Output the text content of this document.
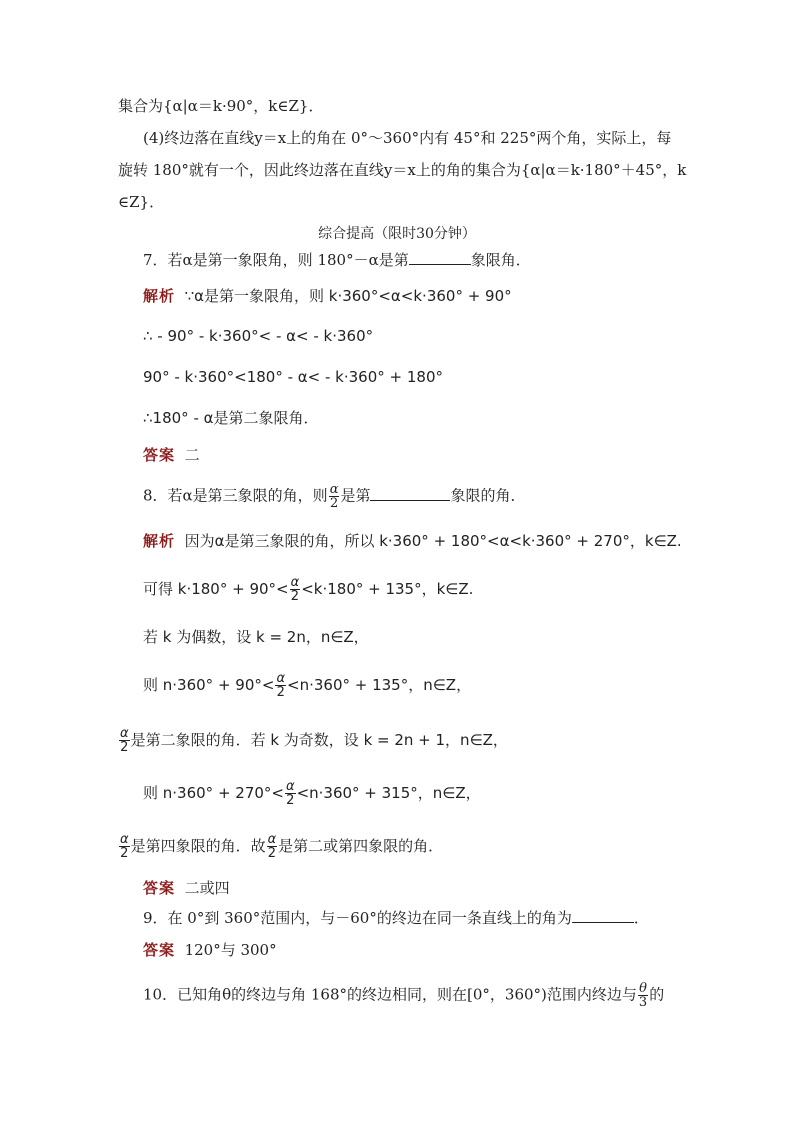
集合为{α|α＝k·90°，k∈Z}．
(4)终边落在直线y＝x上的角在 0°～360°内有 45°和 225°两个角，实际上，每
旋转 180°就有一个，因此终边落在直线y＝x上的角的集合为{α|α＝k·180°＋45°，k
∈Z}．
综合提高（限时30分钟）
7．若α是第一象限角，则 180°－α是第	象限角．
解析 ∵α是第一象限角，则 k·360°<α<k·360° + 90°
∴ - 90° - k·360°< - α< - k·360°
90° - k·360°<180° - α< - k·360° + 180°
∴180° - α是第二象限角．
答案 二
8．若α是第三象限的角，则 $\frac{\alpha}{2}$ 是第	象限的角．
解析 因为α是第三象限的角，所以 k·360° + 180°<α<k·360° + 270°，k∈Z.
可得 $k\cdot 180^\circ + 90^\circ< \frac{\alpha}{2} <k\cdot 180^\circ + 135^\circ$，k∈Z.
若 k 为偶数，设 k = 2n，n∈Z，
则 $n\cdot 360^\circ + 90^\circ< \frac{\alpha}{2} <n\cdot 360^\circ + 135^\circ$，n∈Z，
$\frac{\alpha}{2}$ 是第二象限的角．若 k 为奇数，设 k = 2n + 1，n∈Z，
则 $n\cdot 360^\circ + 270^\circ< \frac{\alpha}{2} <n\cdot 360^\circ + 315^\circ$，n∈Z，
$\frac{\alpha}{2}$ 是第四象限的角．故 $\frac{\alpha}{2}$ 是第二或第四象限的角．
答案 二或四
9．在 0°到 360°范围内，与－60°的终边在同一条直线上的角为	．
答案 120°与 300°
10．已知角θ的终边与角 168°的终边相同，则在[0°，360°)范围内终边与 $\frac{\theta}{3}$ 的
